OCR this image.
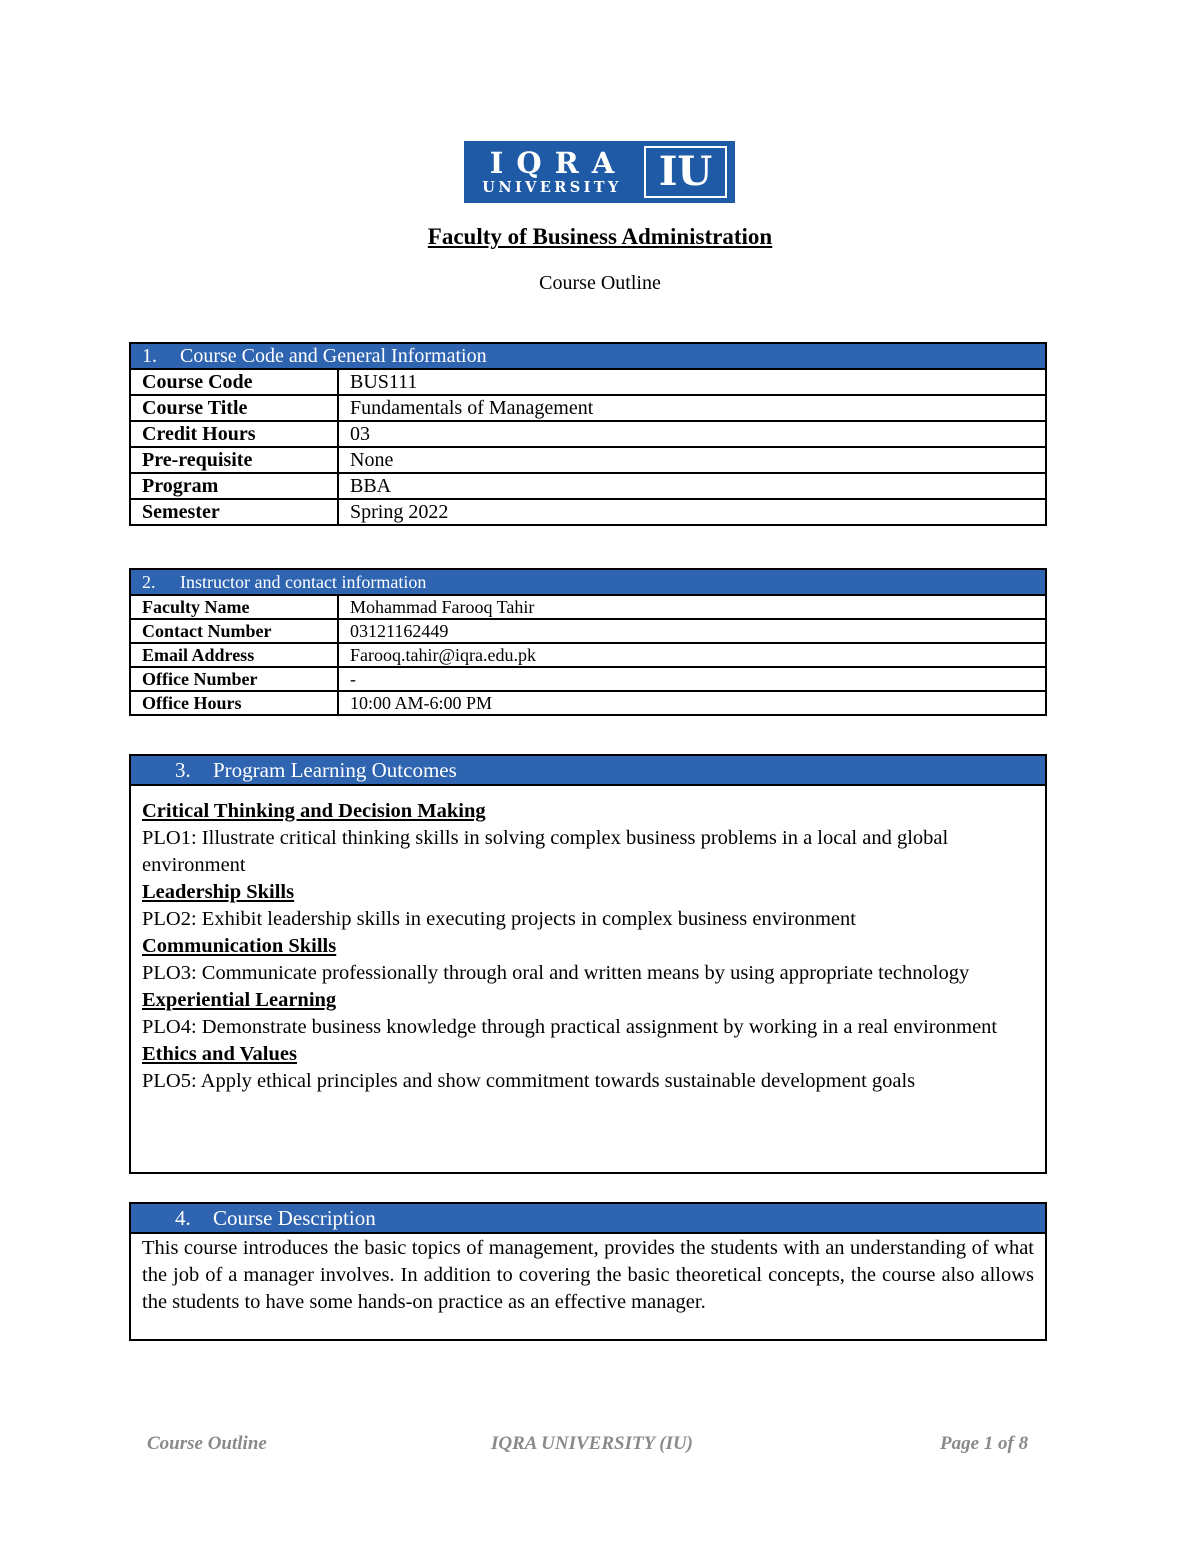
IQRA
UNIVERSITY IU
Faculty of Business Administration
Course Outline
1. Course Code and General Information	
Course Code	BUS111
Course Title	Fundamentals of Management
Credit Hours	03
Pre-requisite	None
Program	BBA
Semester	Spring 2022
2. Instructor and contact information	
Faculty Name	Mohammad Farooq Tahir
Contact Number	03121162449
Email Address	Farooq.tahir@iqra.edu.pk
Office Number	-
Office Hours	10:00 AM-6:00 PM
3. Program Learning Outcomes
Critical Thinking and Decision Making
PLO1: Illustrate critical thinking skills in solving complex business problems in a local and global environment
Leadership Skills
PLO2: Exhibit leadership skills in executing projects in complex business environment
Communication Skills
PLO3: Communicate professionally through oral and written means by using appropriate technology
Experiential Learning
PLO4: Demonstrate business knowledge through practical assignment by working in a real environment
Ethics and Values
PLO5: Apply ethical principles and show commitment towards sustainable development goals
4. Course Description
This course introduces the basic topics of management, provides the students with an understanding of what the job of a manager involves. In addition to covering the basic theoretical concepts, the course also allows the students to have some hands-on practice as an effective manager.
Course Outline	IQRA UNIVERSITY (IU)	Page 1 of 8
